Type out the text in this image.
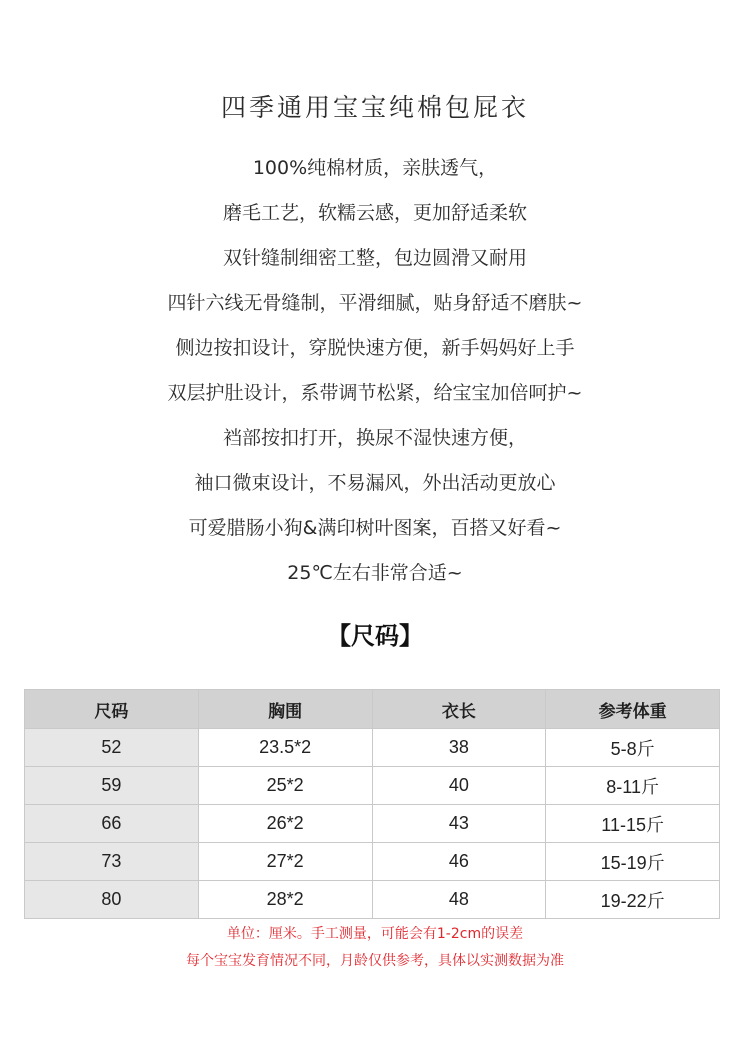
四季通用宝宝纯棉包屁衣
100%纯棉材质，亲肤透气，
磨毛工艺，软糯云感，更加舒适柔软
双针缝制细密工整，包边圆滑又耐用
四针六线无骨缝制，平滑细腻，贴身舒适不磨肤~
侧边按扣设计，穿脱快速方便，新手妈妈好上手
双层护肚设计，系带调节松紧，给宝宝加倍呵护~
裆部按扣打开，换尿不湿快速方便，
袖口微束设计，不易漏风，外出活动更放心
可爱腊肠小狗&满印树叶图案，百搭又好看~
25℃左右非常合适~
【尺码】
尺码	胸围	衣长	参考体重
52	23.5*2	38	5-8斤
59	25*2	40	8-11斤
66	26*2	43	11-15斤
73	27*2	46	15-19斤
80	28*2	48	19-22斤
单位：厘米。手工测量，可能会有1-2cm的误差
每个宝宝发育情况不同，月龄仅供参考，具体以实测数据为准
